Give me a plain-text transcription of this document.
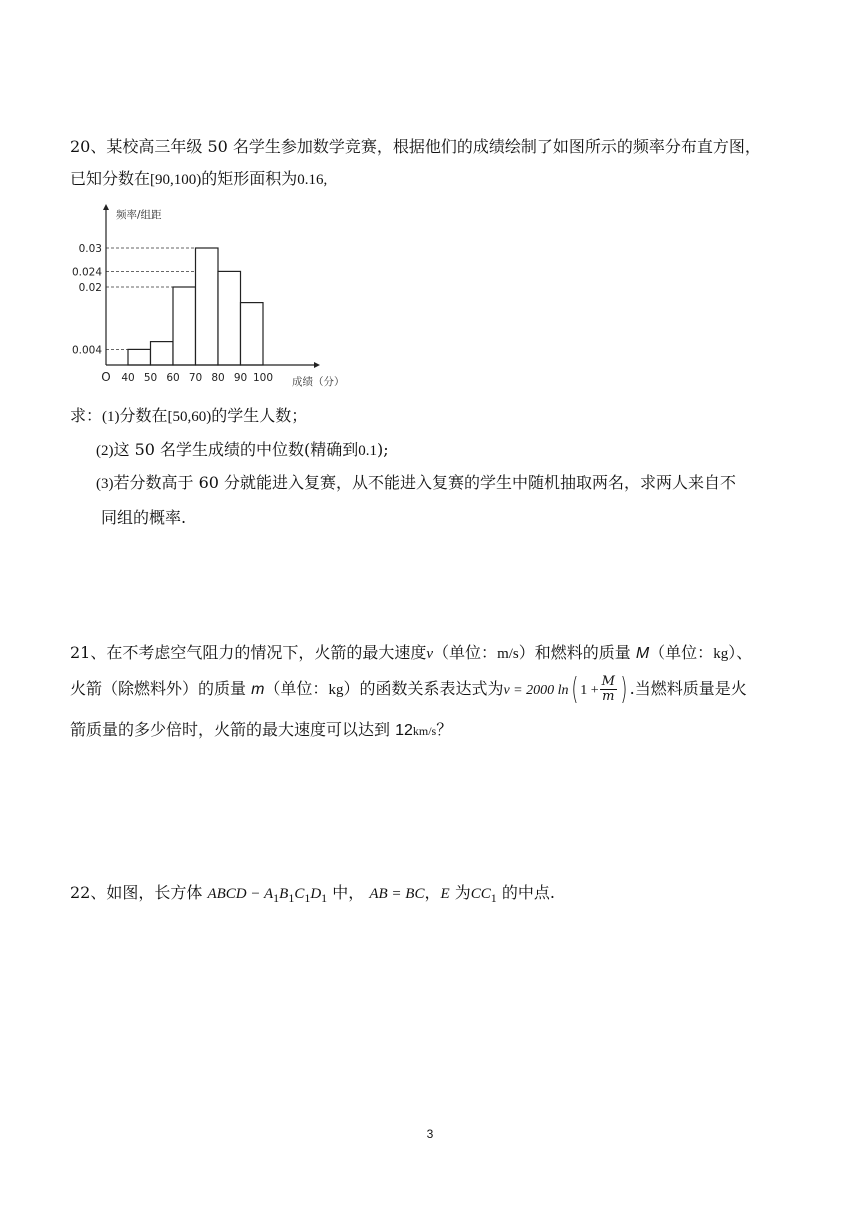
20、某校高三年级 50 名学生参加数学竞赛，根据他们的成绩绘制了如图所示的频率分布直方图，
已知分数在[90,100)的矩形面积为0.16,
0.03
0.024
0.02
0.004
40 50 60 70 80 90 100
O
频率/组距
成绩（分）
求：(1)分数在[50,60)的学生人数；
(2)这 50 名学生成绩的中位数(精确到0.1);
(3)若分数高于 60 分就能进入复赛，从不能进入复赛的学生中随机抽取两名，求两人来自不
同组的概率.
21、在不考虑空气阻力的情况下，火箭的最大速度v（单位：m/s）和燃料的质量 M（单位：kg）、
火箭（除燃料外）的质量 m（单位：kg）的函数关系表达式为v = 2000 ln( $1 + \frac{M}{m}$ ) .当燃料质量是火
箭质量的多少倍时，火箭的最大速度可以达到 12km/s？
22、如图，长方体 ABCD − $A_1B_1C_1D_1$ 中， AB = BC，E 为$CC_1$ 的中点.
3
